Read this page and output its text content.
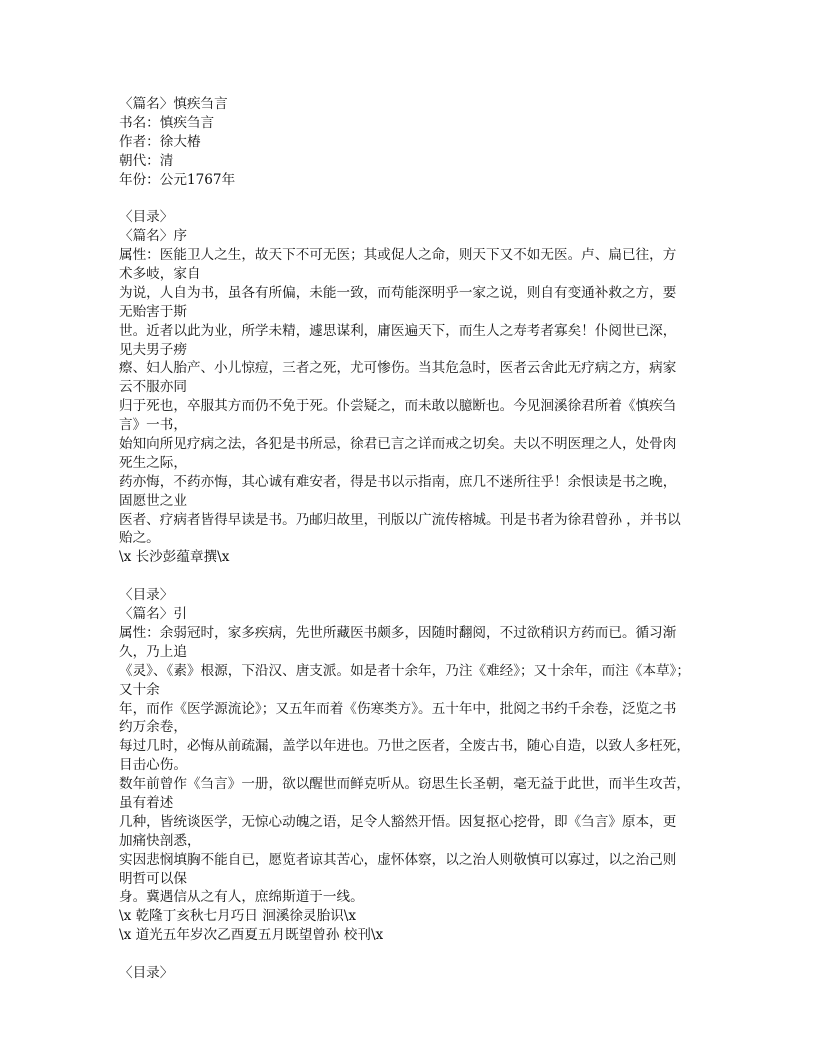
〈篇名〉慎疾刍言
书名：慎疾刍言
作者：徐大椿
朝代：清
年份：公元1767年
〈目录〉
〈篇名〉序
属性：医能卫人之生，故天下不可无医；其或促人之命，则天下又不如无医。卢、扁已往，方
术多岐，家自
为说，人自为书，虽各有所偏，未能一致，而苟能深明乎一家之说，则自有变通补救之方，要
无贻害于斯
世。近者以此为业，所学未精，遽思谋利，庸医遍天下，而生人之寿考者寡矣！仆阅世已深，
见夫男子痨
瘵、妇人胎产、小儿惊痘，三者之死，尤可惨伤。当其危急时，医者云舍此无疗病之方，病家
云不服亦同
归于死也，卒服其方而仍不免于死。仆尝疑之，而未敢以臆断也。今见洄溪徐君所着《慎疾刍
言》一书，
始知向所见疗病之法，各犯是书所忌，徐君已言之详而戒之切矣。夫以不明医理之人，处骨肉
死生之际，
药亦悔，不药亦悔，其心诚有难安者，得是书以示指南，庶几不迷所往乎！余恨读是书之晚，
固愿世之业
医者、疗病者皆得早读是书。乃邮归故里，刊版以广流传榕城。刊是书者为徐君曾孙 ，并书以
贻之。
\x 长沙彭蕴章撰\x
〈目录〉
〈篇名〉引
属性：余弱冠时，家多疾病，先世所藏医书颇多，因随时翻阅，不过欲稍识方药而已。循习渐
久，乃上追
《灵》、《素》根源，下沿汉、唐支派。如是者十余年，乃注《难经》；又十余年，而注《本草》；
又十余
年，而作《医学源流论》；又五年而着《伤寒类方》。五十年中，批阅之书约千余卷，泛览之书
约万余卷，
每过几时，必悔从前疏漏，盖学以年进也。乃世之医者，全废古书，随心自造，以致人多枉死，
目击心伤。
数年前曾作《刍言》一册，欲以醒世而鲜克听从。窃思生长圣朝，毫无益于此世，而半生攻苦，
虽有着述
几种，皆统谈医学，无惊心动魄之语，足令人豁然开悟。因复抠心挖骨，即《刍言》原本，更
加痛快剖悉，
实因悲悯填胸不能自已，愿览者谅其苦心，虚怀体察，以之治人则敬慎可以寡过，以之治己则
明哲可以保
身。冀遇信从之有人，庶绵斯道于一线。
\x 乾隆丁亥秋七月巧日 洄溪徐灵胎识\x
\x 道光五年岁次乙酉夏五月既望曾孙 校刊\x
〈目录〉
